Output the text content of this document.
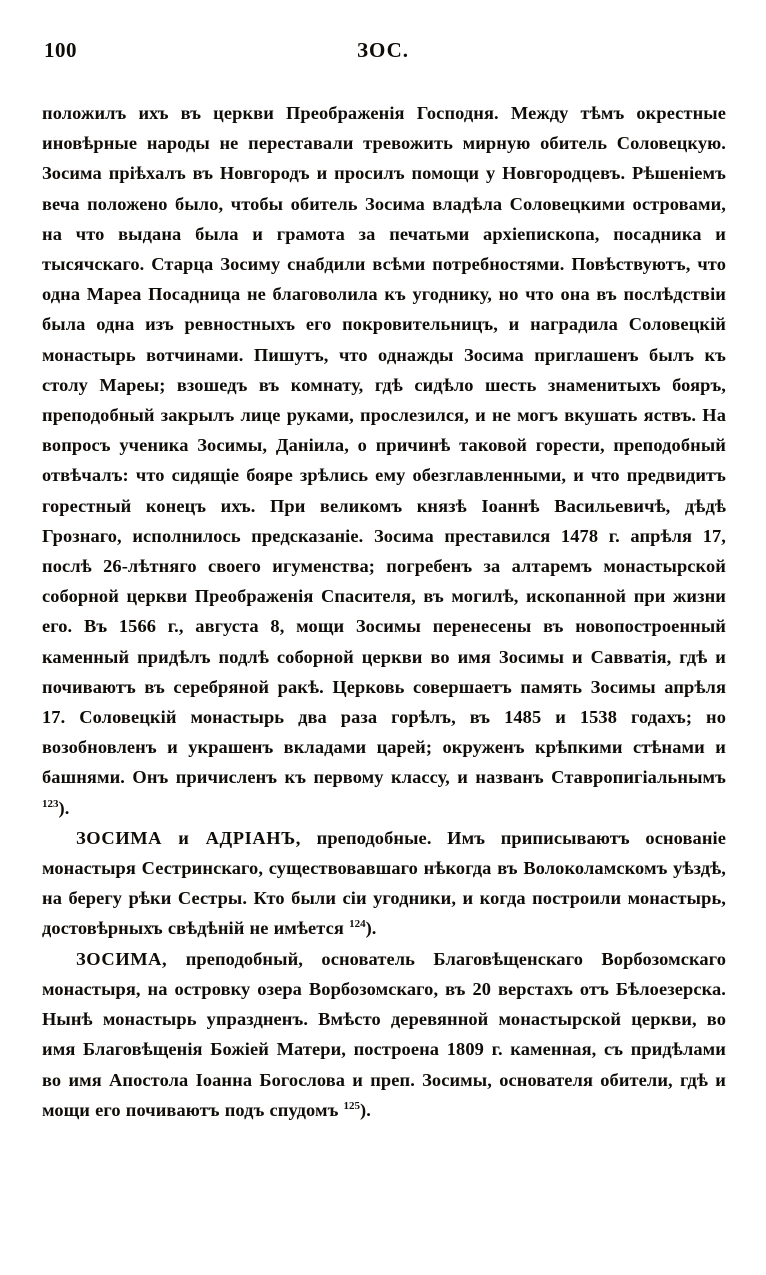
100	ЗОС.

положилъ ихъ въ церкви Преображенія Господня. Между тѣмъ окрестные иновѣрные народы не переставали тревожить мирную обитель Соловецкую. Зосима пріѣхалъ въ Новгородъ и просилъ помощи у Новгородцевъ. Рѣшеніемъ веча положено было, чтобы обитель Зосима владѣла Соловецкими островами, на что выдана была и грамота за печатьми архіепископа, посадника и тысячскаго. Старца Зосиму снабдили всѣми потребностями. Повѣствуютъ, что одна Мареа Посадница не благоволила къ угоднику, но что она въ послѣдствіи была одна изъ ревностныхъ его покровительницъ, и наградила Соловецкій монастырь вотчинами. Пишутъ, что однажды Зосима приглашенъ былъ къ столу Мареы; взошедъ въ комнату, гдѣ сидѣло шесть знаменитыхъ бояръ, преподобный закрылъ лице руками, прослезился, и не могъ вкушать яствъ. На вопросъ ученика Зосимы, Даніила, о причинѣ таковой горести, преподобный отвѣчалъ: что сидящіе бояре зрѣлись ему обезглавленными, и что предвидитъ горестный конецъ ихъ. При великомъ князѣ Іоаннѣ Васильевичѣ, дѣдѣ Грознаго, исполнилось предсказаніе. Зосима преставился 1478 г. апрѣля 17, послѣ 26-лѣтняго своего игуменства; погребенъ за алтаремъ монастырской соборной церкви Преображенія Спасителя, въ могилѣ, ископанной при жизни его. Въ 1566 г., августа 8, мощи Зосимы перенесены въ новопостроенный каменный придѣлъ подлѣ соборной церкви во имя Зосимы и Савватія, гдѣ и почиваютъ въ серебряной ракѣ. Церковь совершаетъ память Зосимы апрѣля 17. Соловецкій монастырь два раза горѣлъ, въ 1485 и 1538 годахъ; но возобновленъ и украшенъ вкладами царей; окруженъ крѣпкими стѣнами и башнями. Онъ причисленъ къ первому классу, и названъ Ставропигіальнымъ $^{123}$).

ЗОСИМА и АДРІАНЪ, преподобные. Имъ приписываютъ основаніе монастыря Сестринскаго, существовавшаго нѣкогда въ Волоколамскомъ уѣздѣ, на берегу рѣки Сестры. Кто были сіи угодники, и когда построили монастырь, достовѣрныхъ свѣдѣній не имѣется $^{124}$).

ЗОСИМА, преподобный, основатель Благовѣщенскаго Ворбозомскаго монастыря, на островку озера Ворбозомскаго, въ 20 верстахъ отъ Бѣлоезерска. Нынѣ монастырь упраздненъ. Вмѣсто деревянной монастырской церкви, во имя Благовѣщенія Божіей Матери, построена 1809 г. каменная, съ придѣлами во имя Апостола Іоанна Богослова и преп. Зосимы, основателя обители, гдѣ и мощи его почиваютъ подъ спудомъ $^{125}$).
